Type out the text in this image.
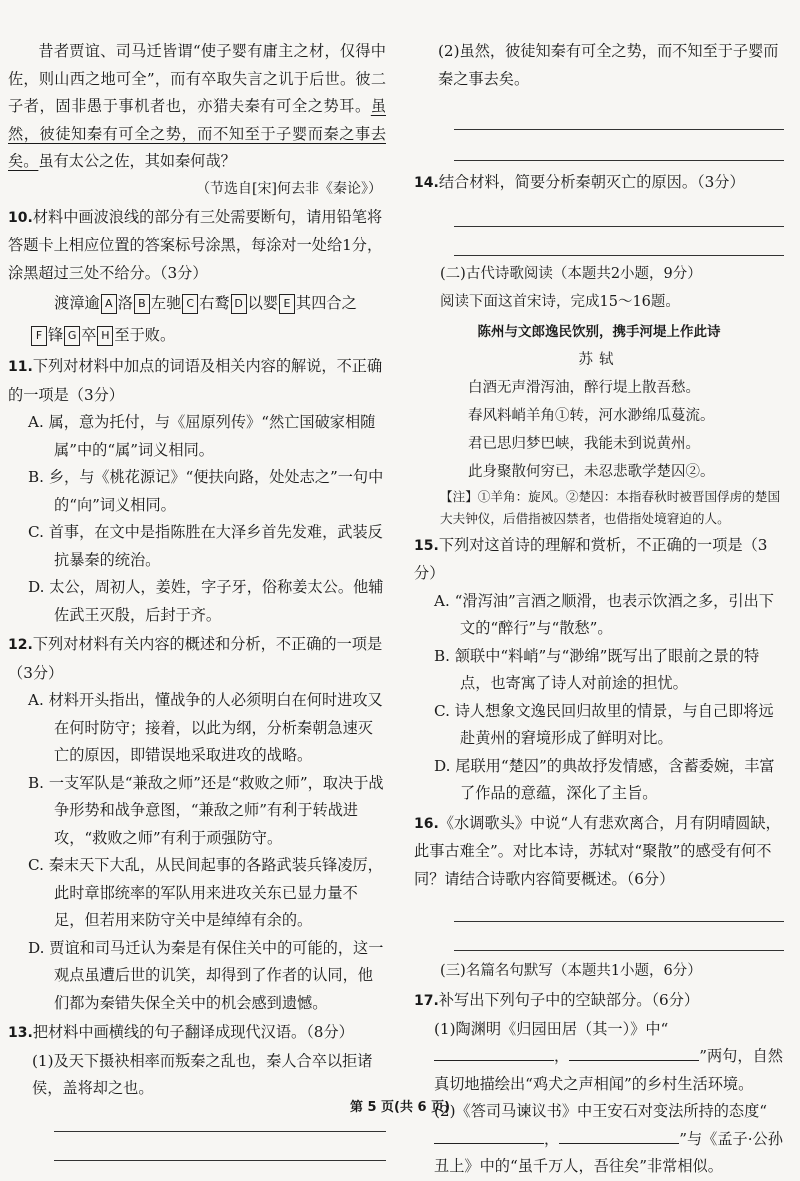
昔者贾谊、司马迁皆谓“使子婴有庸主之材，仅得中佐，则山西之地可全”，而有卒取失言之讥于后世。彼二子者，固非愚于事机者也，亦猎夫秦有可全之势耳。虽然，彼徒知秦有可全之势，而不知至于子婴而秦之事去矣。虽有太公之佐，其如秦何哉？
（节选自[宋]何去非《秦论》）
10.材料中画波浪线的部分有三处需要断句，请用铅笔将答题卡上相应位置的答案标号涂黑，每涂对一处给1分，涂黑超过三处不给分。（3分）
渡漳逾 A 洛 B 左驰 C 右鹜 D 以婴 E 其四合之
F 锋 G 卒 H 至于败。
11.下列对材料中加点的词语及相关内容的解说，不正确的一项是（3分）
A. 属，意为托付，与《屈原列传》“然亡国破家相随属”中的“属”词义相同。
B. 乡，与《桃花源记》“便扶向路，处处志之”一句中的“向”词义相同。
C. 首事，在文中是指陈胜在大泽乡首先发难，武装反抗暴秦的统治。
D. 太公，周初人，姜姓，字子牙，俗称姜太公。他辅佐武王灭殷，后封于齐。
12.下列对材料有关内容的概述和分析，不正确的一项是（3分）
A. 材料开头指出，懂战争的人必须明白在何时进攻又在何时防守；接着，以此为纲，分析秦朝急速灭亡的原因，即错误地采取进攻的战略。
B. 一支军队是“兼敌之师”还是“救败之师”，取决于战争形势和战争意图，“兼敌之师”有利于转战进攻，“救败之师”有利于顽强防守。
C. 秦末天下大乱，从民间起事的各路武装兵锋凌厉，此时章邯统率的军队用来进攻关东已显力量不足，但若用来防守关中是绰绰有余的。
D. 贾谊和司马迁认为秦是有保住关中的可能的，这一观点虽遭后世的讥笑，却得到了作者的认同，他们都为秦错失保全关中的机会感到遗憾。
13.把材料中画横线的句子翻译成现代汉语。（8分）
(1)及天下摄袂相率而叛秦之乱也，秦人合卒以拒诸侯，盖将却之也。
(2)虽然，彼徒知秦有可全之势，而不知至于子婴而秦之事去矣。
14.结合材料，简要分析秦朝灭亡的原因。（3分）
(二)古代诗歌阅读（本题共2小题，9分）
阅读下面这首宋诗，完成15～16题。
陈州与文郎逸民饮别，携手河堤上作此诗
苏轼
白酒无声滑泻油，醉行堤上散吾愁。
春风料峭羊角①转，河水渺绵瓜蔓流。
君已思归梦巴峡，我能未到说黄州。
此身聚散何穷已，未忍悲歌学楚囚②。
【注】①羊角：旋风。②楚囚：本指春秋时被晋国俘虏的楚国大夫钟仪，后借指被囚禁者，也借指处境窘迫的人。
15.下列对这首诗的理解和赏析，不正确的一项是（3分）
A. “滑泻油”言酒之顺滑，也表示饮酒之多，引出下文的“醉行”与“散愁”。
B. 颔联中“料峭”与“渺绵”既写出了眼前之景的特点，也寄寓了诗人对前途的担忧。
C. 诗人想象文逸民回归故里的情景，与自己即将远赴黄州的窘境形成了鲜明对比。
D. 尾联用“楚囚”的典故抒发情感，含蓄委婉，丰富了作品的意蕴，深化了主旨。
16.《水调歌头》中说“人有悲欢离合，月有阴晴圆缺，此事古难全”。对比本诗，苏轼对“聚散”的感受有何不同？请结合诗歌内容简要概述。（6分）
(三)名篇名句默写（本题共1小题，6分）
17.补写出下列句子中的空缺部分。（6分）
(1)陶渊明《归园田居（其一）》中“，	”两句，自然真切地描绘出“鸡犬之声相闻”的乡村生活环境。
(2)《答司马谏议书》中王安石对变法所持的态度“，	”与《孟子·公孙丑上》中的“虽千万人，吾往矣”非常相似。
第 5 页(共 6 页)
